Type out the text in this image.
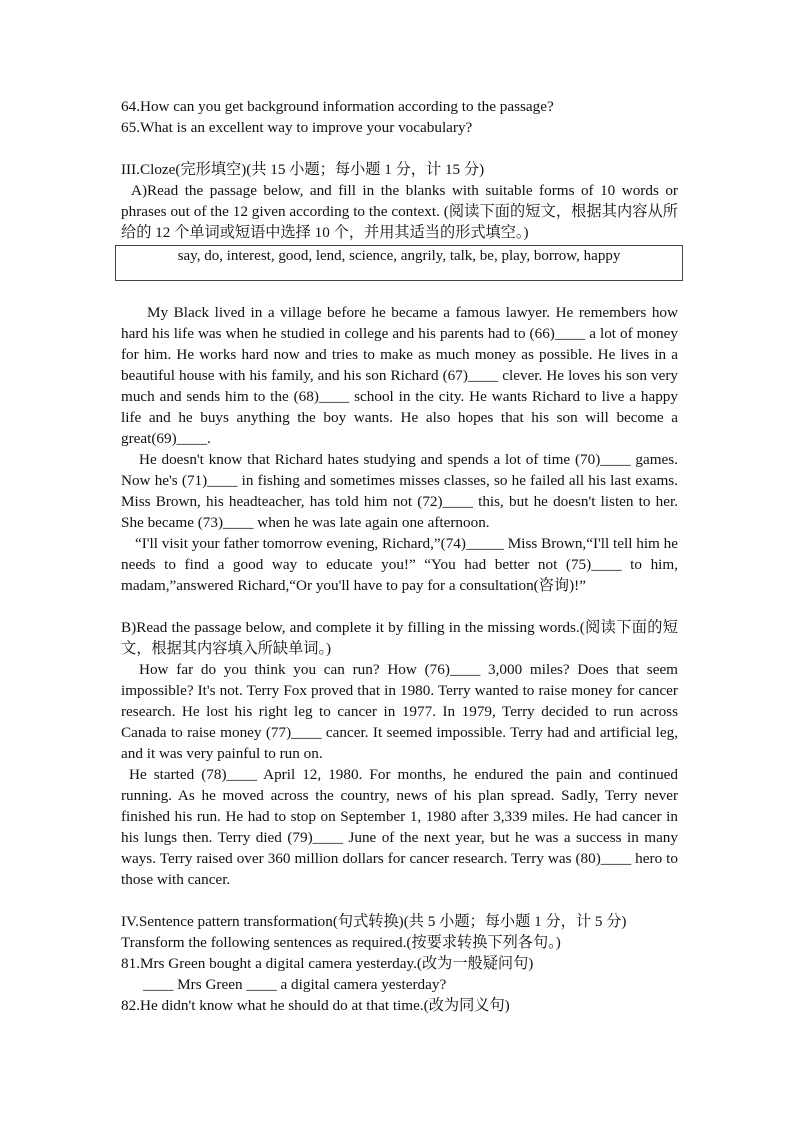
64.How can you get background information according to the passage?
65.What is an excellent way to improve your vocabulary?
III.Cloze(完形填空)(共 15 小题；每小题 1 分，计 15 分)

A)Read the passage below, and fill in the blanks with suitable forms of 10 words or phrases out of the 12 given according to the context. (阅读下面的短文，根据其内容从所给的 12 个单词或短语中选择 10 个，并用其适当的形式填空。)

say, do, interest, good, lend, science, angrily, talk, be, play, borrow, happy

My Black lived in a village before he became a famous lawyer. He remembers how hard his life was when he studied in college and his parents had to (66)____ a lot of money for him. He works hard now and tries to make as much money as possible. He lives in a beautiful house with his family, and his son Richard (67)____ clever. He loves his son very much and sends him to the (68)____ school in the city. He wants Richard to live a happy life and he buys anything the boy wants. He also hopes that his son will become a great(69)____.

He doesn't know that Richard hates studying and spends a lot of time (70)____ games. Now he's (71)____ in fishing and sometimes misses classes, so he failed all his last exams. Miss Brown, his headteacher, has told him not (72)____ this, but he doesn't listen to her. She became (73)____ when he was late again one afternoon.

“I'll visit your father tomorrow evening, Richard,”(74)_____ Miss Brown,“I'll tell him he needs to find a good way to educate you!” “You had better not (75)____ to him, madam,”answered Richard,“Or you'll have to pay for a consultation(咨询)!”

B)Read the passage below, and complete it by filling in the missing words.(阅读下面的短文，根据其内容填入所缺单词。)

How far do you think you can run? How (76)____ 3,000 miles? Does that seem impossible? It's not. Terry Fox proved that in 1980. Terry wanted to raise money for cancer research. He lost his right leg to cancer in 1977. In 1979, Terry decided to run across Canada to raise money (77)____ cancer. It seemed impossible. Terry had and artificial leg, and it was very painful to run on.

He started (78)____ April 12, 1980. For months, he endured the pain and continued running. As he moved across the country, news of his plan spread. Sadly, Terry never finished his run. He had to stop on September 1, 1980 after 3,339 miles. He had cancer in his lungs then. Terry died (79)____ June of the next year, but he was a success in many ways. Terry raised over 360 million dollars for cancer research. Terry was (80)____ hero to those with cancer.

IV.Sentence pattern transformation(句式转换)(共 5 小题；每小题 1 分，计 5 分)
Transform the following sentences as required.(按要求转换下列各句。)
81.Mrs Green bought a digital camera yesterday.(改为一般疑问句)
____ Mrs Green ____ a digital camera yesterday?
82.He didn't know what he should do at that time.(改为同义句)
